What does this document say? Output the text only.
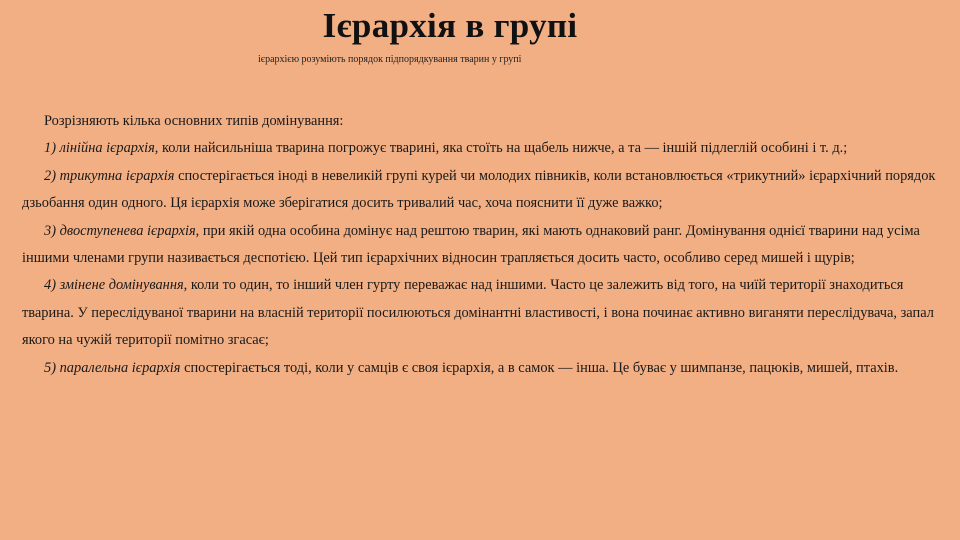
Ієрархія в групі
ієрархією розуміють порядок підпорядкування тварин у групі

Розрізняють кілька основних типів домінування:

1) лінійна ієрархія, коли найсильніша тварина погрожує тварині, яка стоїть на щабель нижче, а та — іншій підлеглій особині і т. д.;

2) трикутна ієрархія спостерігається іноді в невеликій групі курей чи молодих півників, коли встановлюється «трикутний» ієрархічний порядок дзьобання один одного. Ця ієрархія може зберігатися досить тривалий час, хоча пояснити її дуже важко;

3) двоступенева ієрархія, при якій одна особина домінує над рештою тварин, які мають однаковий ранг. Домінування однієї тварини над усіма іншими членами групи називається деспотією. Цей тип ієрархічних відносин трапляється досить часто, особливо серед мишей і щурів;

4) змінене домінування, коли то один, то інший член гурту переважає над іншими. Часто це залежить від того, на чиїй території знаходиться тварина. У переслідуваної тварини на власній території посилюються домінантні властивості, і вона починає активно виганяти переслідувача, запал якого на чужій території помітно згасає;

5) паралельна ієрархія спостерігається тоді, коли у самців є своя ієрархія, а в самок — інша. Це буває у шимпанзе, пацюків, мишей, птахів.
